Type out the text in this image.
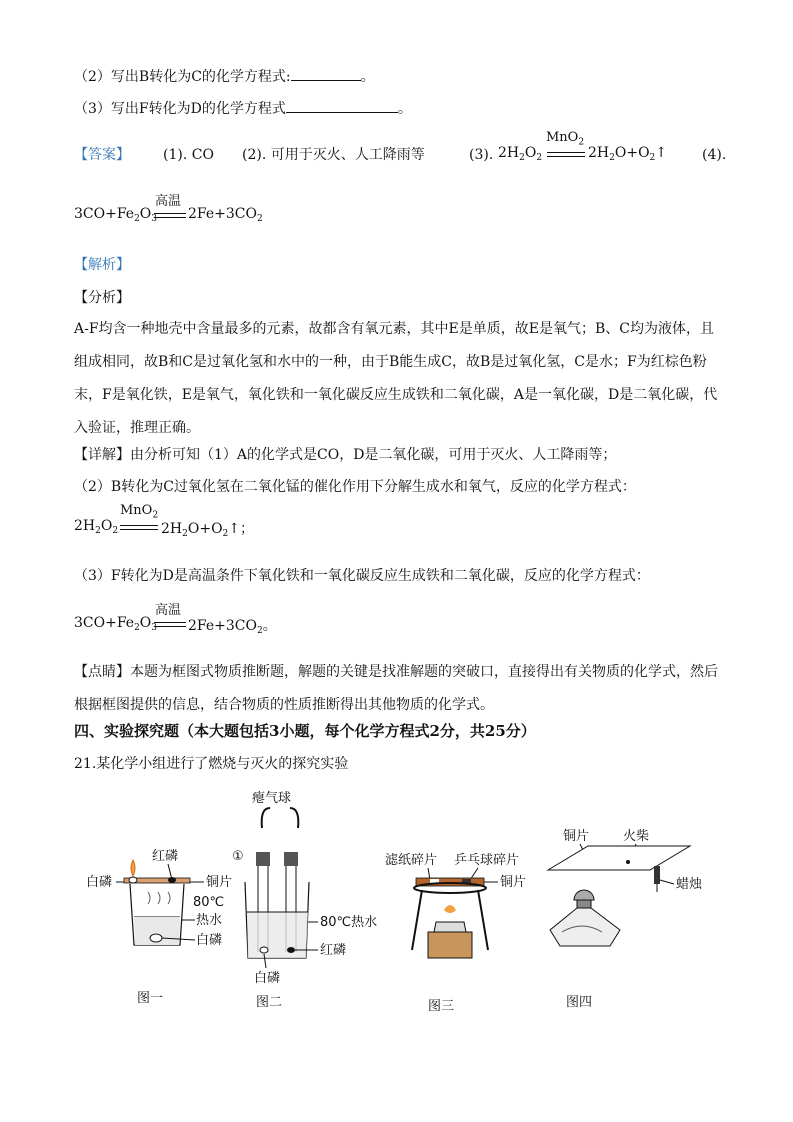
（2）写出B转化为C的化学方程式:	。
（3）写出F转化为D的化学方程式	。
【答案】 (1). CO (2). 可用于灭火、人工降雨等	(3).	(4).
$2H_2O_2$
MnO$_2$
$2H_2O+O_2↑$
$3CO+Fe_2O_3$
高温
$2Fe+3CO_2$
【解析】
【分析】
A-F均含一种地壳中含量最多的元素，故都含有氧元素，其中E是单质，故E是氧气；B、C均为液体，且组成相同，故B和C是过氧化氢和水中的一种，由于B能生成C，故B是过氧化氢，C是水；F为红棕色粉末，F是氧化铁，E是氧气，氧化铁和一氧化碳反应生成铁和二氧化碳，A是一氧化碳，D是二氧化碳，代入验证，推理正确。
【详解】由分析可知（1）A的化学式是CO，D是二氧化碳，可用于灭火、人工降雨等；
（2）B转化为C过氧化氢在二氧化锰的催化作用下分解生成水和氧气，反应的化学方程式：
$2H_2O_2$
MnO$_2$
$2H_2O+O_2↑$；
（3）F转化为D是高温条件下氧化铁和一氧化碳反应生成铁和二氧化碳，反应的化学方程式：
$3CO+Fe_2O_3$
高温
$2Fe+3CO_2$。
【点睛】本题为框图式物质推断题，解题的关键是找准解题的突破口，直接得出有关物质的化学式，然后根据框图提供的信息，结合物质的性质推断得出其他物质的化学式。
四、实验探究题（本大题包括3小题，每个化学方程式2分，共25分）
21.某化学小组进行了燃烧与灭火的探究实验
红磷
白磷	铜片
80℃
热水
白磷
图一
瘪气球
①
80℃热水
红磷
白磷
图二
滤纸碎片 乒乓球碎片
铜片
图三
铜片	火柴
蜡烛
图四
